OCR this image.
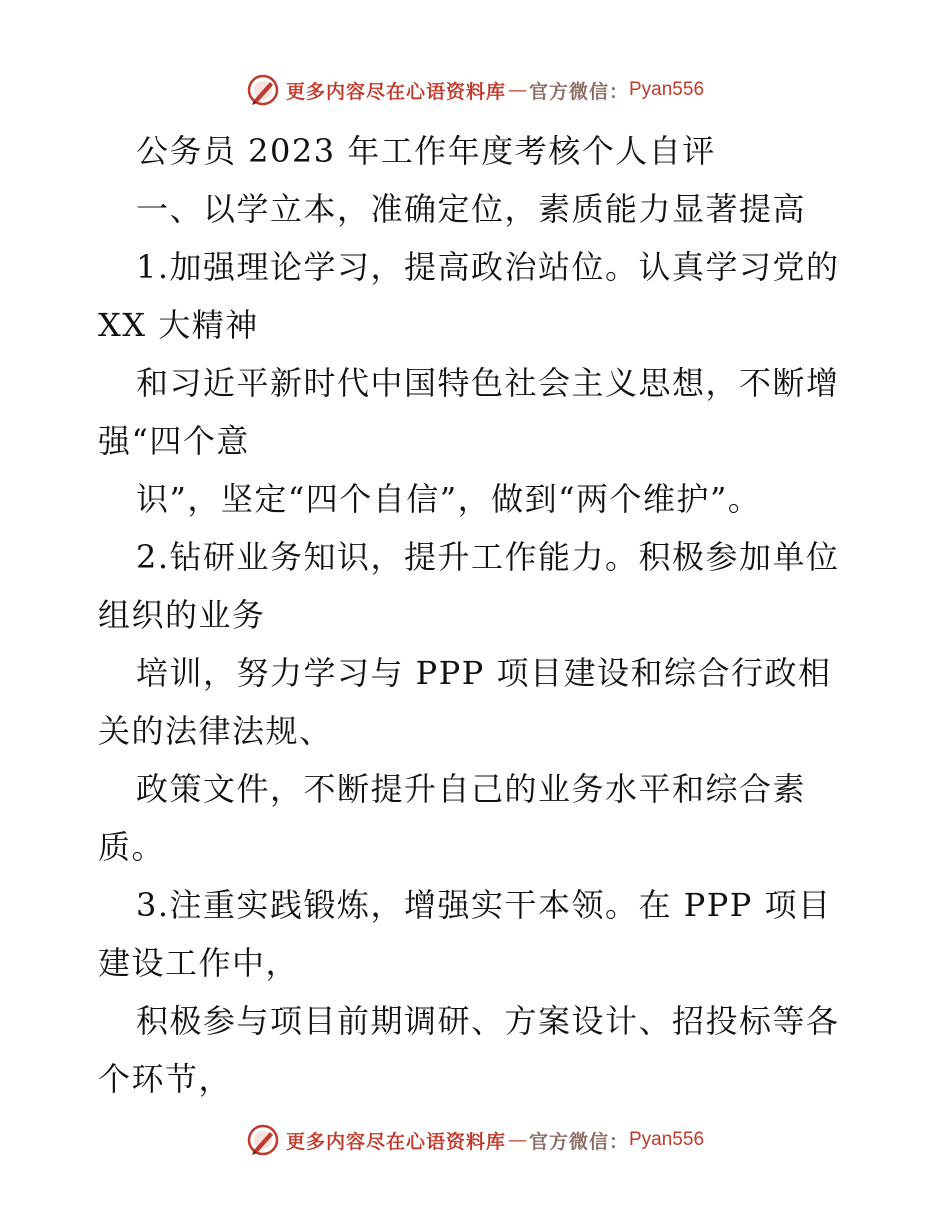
更多内容尽在心语资料库 — 官方微信： Pyan556
公务员 2023 年工作年度考核个人自评
一、以学立本，准确定位，素质能力显著提高
1.加强理论学习，提高政治站位。认真学习党的
XX 大精神
和习近平新时代中国特色社会主义思想，不断增
强“四个意
识”，坚定“四个自信”，做到“两个维护”。
2.钻研业务知识，提升工作能力。积极参加单位
组织的业务
培训，努力学习与 PPP 项目建设和综合行政相
关的法律法规、
政策文件，不断提升自己的业务水平和综合素
质。
3.注重实践锻炼，增强实干本领。在 PPP 项目
建设工作中，
积极参与项目前期调研、方案设计、招投标等各
个环节，
更多内容尽在心语资料库 — 官方微信： Pyan556
